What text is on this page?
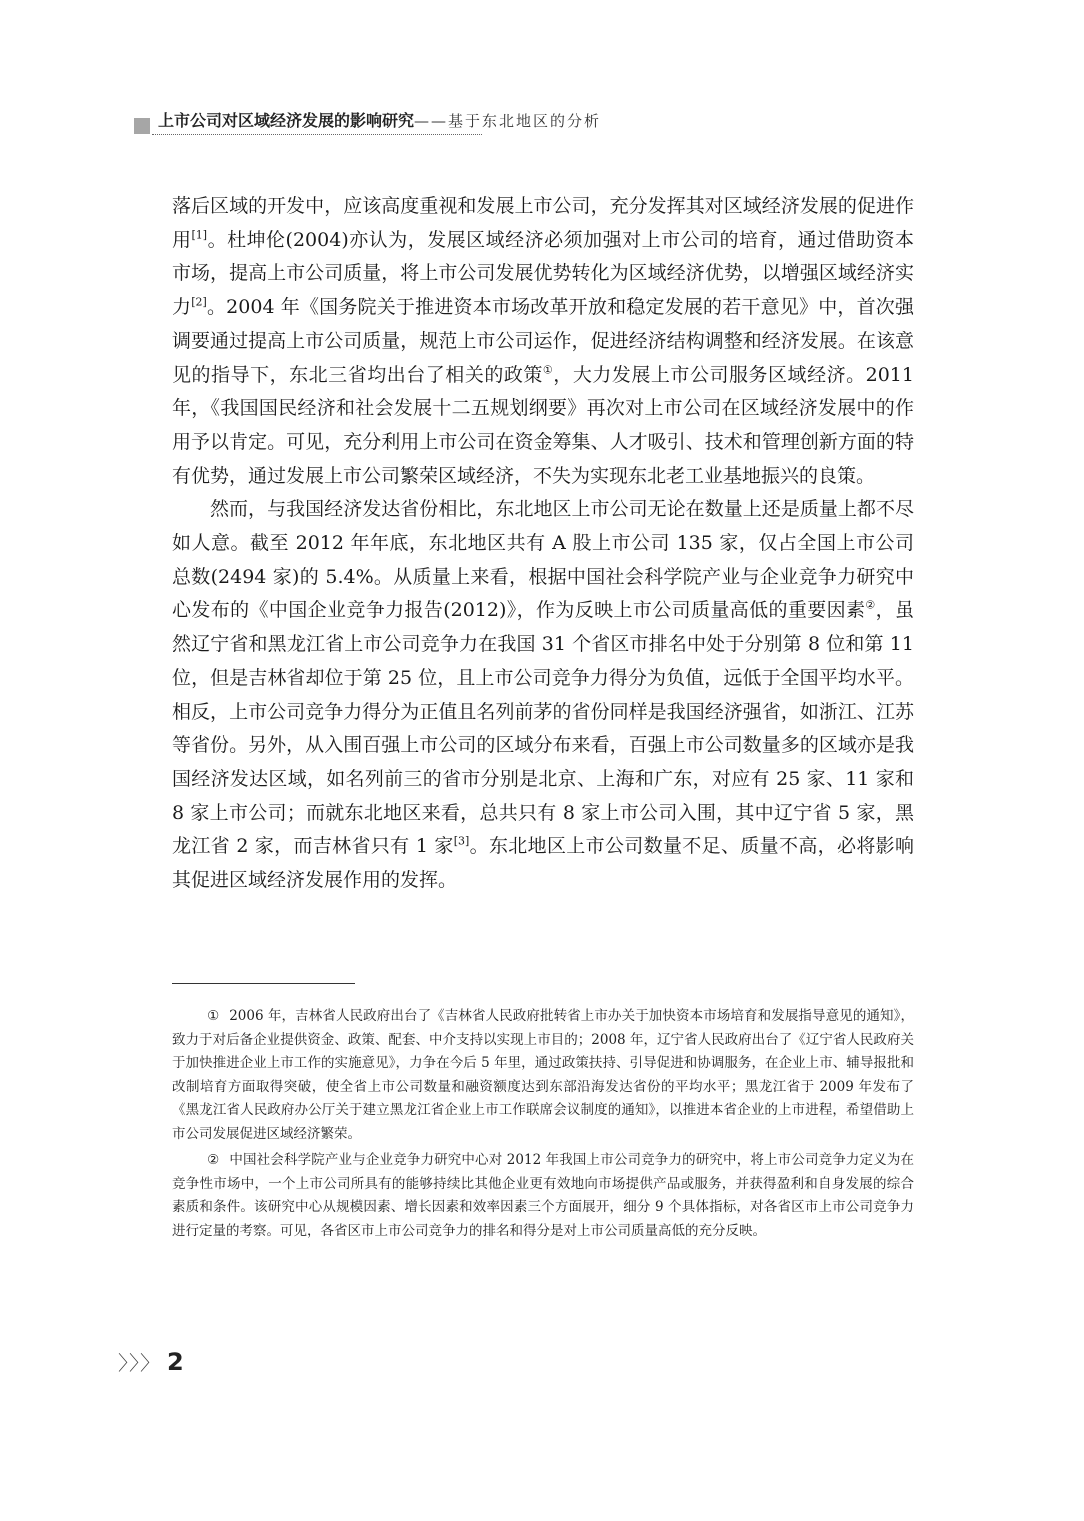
上市公司对区域经济发展的影响研究——基于东北地区的分析

落后区域的开发中，应该高度重视和发展上市公司，充分发挥其对区域经济发展的促进作用[1]。杜坤伦(2004)亦认为，发展区域经济必须加强对上市公司的培育，通过借助资本市场，提高上市公司质量，将上市公司发展优势转化为区域经济优势，以增强区域经济实力[2]。2004 年《国务院关于推进资本市场改革开放和稳定发展的若干意见》中，首次强调要通过提高上市公司质量，规范上市公司运作，促进经济结构调整和经济发展。在该意见的指导下，东北三省均出台了相关的政策①，大力发展上市公司服务区域经济。2011 年，《我国国民经济和社会发展十二五规划纲要》再次对上市公司在区域经济发展中的作用予以肯定。可见，充分利用上市公司在资金筹集、人才吸引、技术和管理创新方面的特有优势，通过发展上市公司繁荣区域经济，不失为实现东北老工业基地振兴的良策。

然而，与我国经济发达省份相比，东北地区上市公司无论在数量上还是质量上都不尽如人意。截至 2012 年年底，东北地区共有 A 股上市公司 135 家，仅占全国上市公司总数(2494 家)的 5.4%。从质量上来看，根据中国社会科学院产业与企业竞争力研究中心发布的《中国企业竞争力报告(2012)》，作为反映上市公司质量高低的重要因素②，虽然辽宁省和黑龙江省上市公司竞争力在我国 31 个省区市排名中处于分别第 8 位和第 11 位，但是吉林省却位于第 25 位，且上市公司竞争力得分为负值，远低于全国平均水平。相反，上市公司竞争力得分为正值且名列前茅的省份同样是我国经济强省，如浙江、江苏等省份。另外，从入围百强上市公司的区域分布来看，百强上市公司数量多的区域亦是我国经济发达区域，如名列前三的省市分别是北京、上海和广东，对应有 25 家、11 家和 8 家上市公司；而就东北地区来看，总共只有 8 家上市公司入围，其中辽宁省 5 家，黑龙江省 2 家，而吉林省只有 1 家[3]。东北地区上市公司数量不足、质量不高，必将影响其促进区域经济发展作用的发挥。

① 2006 年，吉林省人民政府出台了《吉林省人民政府批转省上市办关于加快资本市场培育和发展指导意见的通知》，致力于对后备企业提供资金、政策、配套、中介支持以实现上市目的；2008 年，辽宁省人民政府出台了《辽宁省人民政府关于加快推进企业上市工作的实施意见》，力争在今后 5 年里，通过政策扶持、引导促进和协调服务，在企业上市、辅导报批和改制培育方面取得突破，使全省上市公司数量和融资额度达到东部沿海发达省份的平均水平；黑龙江省于 2009 年发布了《黑龙江省人民政府办公厅关于建立黑龙江省企业上市工作联席会议制度的通知》，以推进本省企业的上市进程，希望借助上市公司发展促进区域经济繁荣。

② 中国社会科学院产业与企业竞争力研究中心对 2012 年我国上市公司竞争力的研究中，将上市公司竞争力定义为在竞争性市场中，一个上市公司所具有的能够持续比其他企业更有效地向市场提供产品或服务，并获得盈利和自身发展的综合素质和条件。该研究中心从规模因素、增长因素和效率因素三个方面展开，细分 9 个具体指标，对各省区市上市公司竞争力进行定量的考察。可见，各省区市上市公司竞争力的排名和得分是对上市公司质量高低的充分反映。

〉〉〉 2
